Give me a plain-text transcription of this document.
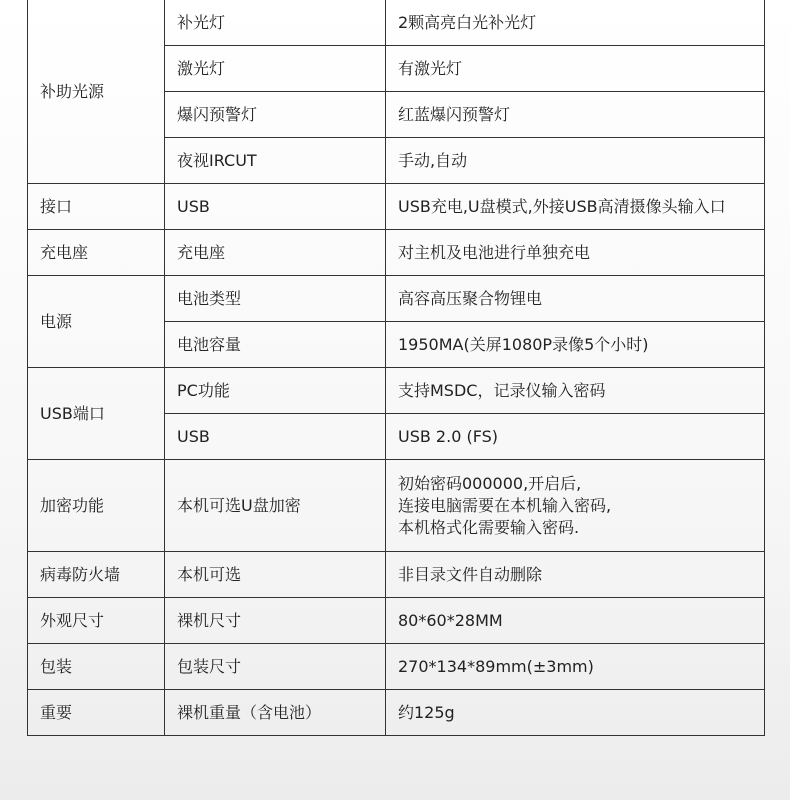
补助光源	补光灯	2颗高亮白光补光灯
	激光灯	有激光灯
	爆闪预警灯	红蓝爆闪预警灯
	夜视IRCUT	手动,自动
接口	USB	USB充电,U盘模式,外接USB高清摄像头输入口
充电座	充电座	对主机及电池进行单独充电
电源	电池类型	高容高压聚合物锂电
	电池容量	1950MA(关屏1080P录像5个小时)
USB端口	PC功能	支持MSDC，记录仪输入密码
	USB	USB 2.0 (FS)
加密功能	本机可选U盘加密	初始密码000000,开启后,
连接电脑需要在本机输入密码,
本机格式化需要输入密码.

病毒防火墙	本机可选	非目录文件自动删除
外观尺寸	裸机尺寸	80*60*28MM
包装	包装尺寸	270*134*89mm(±3mm)
重要	裸机重量（含电池）	约125g
